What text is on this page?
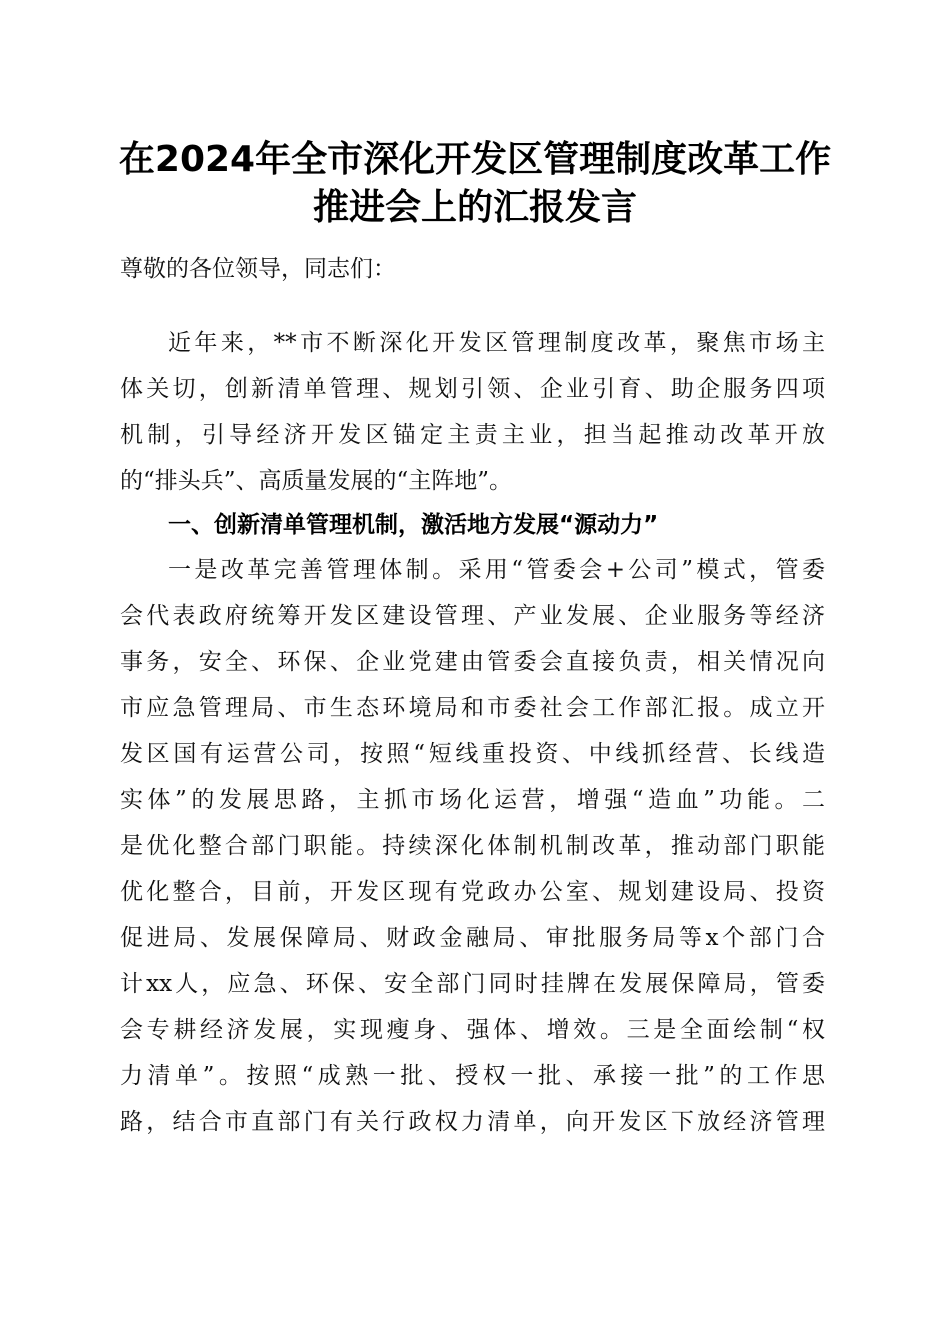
在2024年全市深化开发区管理制度改革工作
推进会上的汇报发言
尊敬的各位领导，同志们：
近年来，**市不断深化开发区管理制度改革，聚焦市场主
体关切，创新清单管理、规划引领、企业引育、助企服务四项
机制，引导经济开发区锚定主责主业，担当起推动改革开放
的“排头兵”、高质量发展的“主阵地”。
一、创新清单管理机制，激活地方发展“源动力”
一是改革完善管理体制。采用“管委会+公司”模式，管委
会代表政府统筹开发区建设管理、产业发展、企业服务等经济
事务，安全、环保、企业党建由管委会直接负责，相关情况向
市应急管理局、市生态环境局和市委社会工作部汇报。成立开
发区国有运营公司，按照“短线重投资、中线抓经营、长线造
实体”的发展思路，主抓市场化运营，增强“造血”功能。二
是优化整合部门职能。持续深化体制机制改革，推动部门职能
优化整合，目前，开发区现有党政办公室、规划建设局、投资
促进局、发展保障局、财政金融局、审批服务局等x个部门合
计xx人，应急、环保、安全部门同时挂牌在发展保障局，管委
会专耕经济发展，实现瘦身、强体、增效。三是全面绘制“权
力清单”。按照“成熟一批、授权一批、承接一批”的工作思
路，结合市直部门有关行政权力清单，向开发区下放经济管理
